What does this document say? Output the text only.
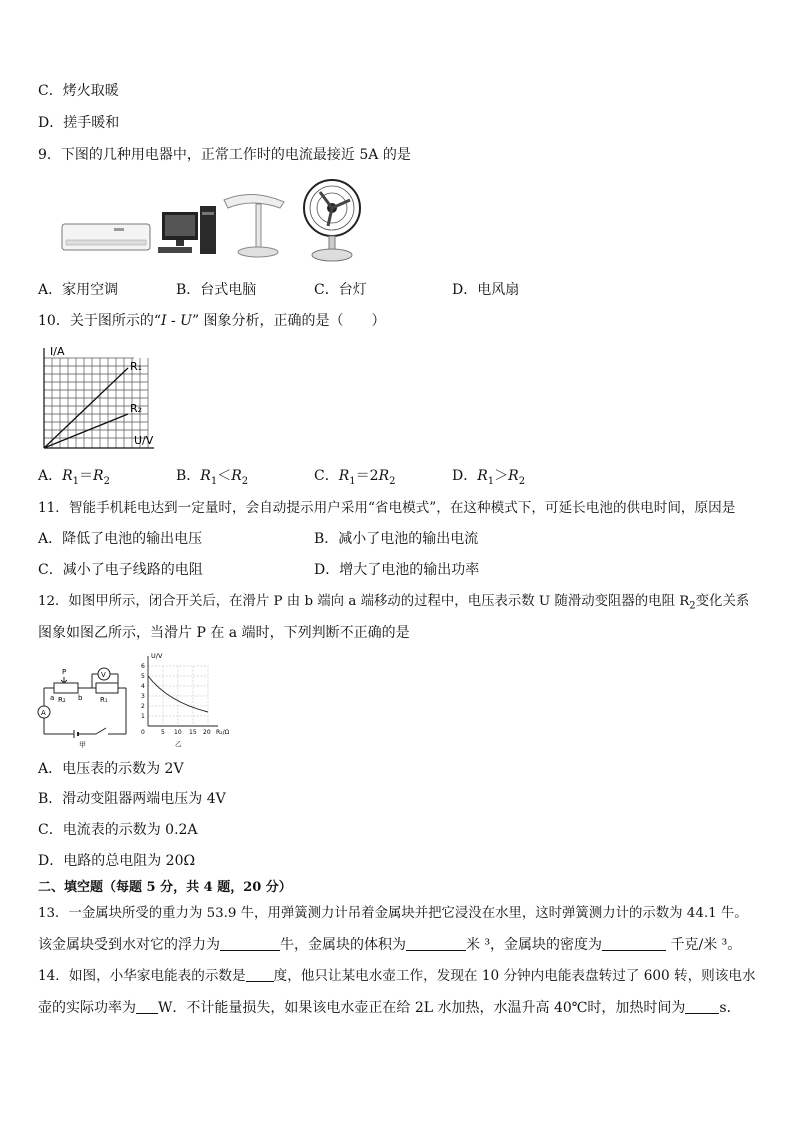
C．烤火取暖
D．搓手暖和
9．下图的几种用电器中，正常工作时的电流最接近 5A 的是
A．家用空调	B．台式电脑	C．台灯	D．电风扇
10．关于图所示的“I - U” 图象分析，正确的是（　　）
I/A
R₁
R₂
U/V
A．$R_1=R_2$	B．$R_1<R_2$	C．$R_1=2R_2$	D．$R_1>R_2$
11．智能手机耗电达到一定量时，会自动提示用户采用“省电模式”，在这种模式下，可延长电池的供电时间，原因是
A．降低了电池的输出电压	B．减小了电池的输出电流
C．减小了电子线路的电阻	D．增大了电池的输出功率
12．如图甲所示，闭合开关后，在滑片 P 由 b 端向 a 端移动的过程中，电压表示数 U 随滑动变阻器的电阻 $R_2$变化关系
图象如图乙所示，当滑片 P 在 a 端时，下列判断不正确的是
P
a	b
R₂	R₁
V
A
甲
U/V
6
5
4
3
2
1
0	5 10 15 20 R₂/Ω
乙
A．电压表的示数为 2V
B．滑动变阻器两端电压为 4V
C．电流表的示数为 0.2A
D．电路的总电阻为 20Ω
二、填空题（每题 5 分，共 4 题，20 分）
13．一金属块所受的重力为 53.9 牛，用弹簧测力计吊着金属块并把它浸没在水里，这时弹簧测力计的示数为 44.1 牛。
该金属块受到水对它的浮力为	牛，金属块的体积为	米 ³，金属块的密度为	千克/米 ³。
14．如图，小华家电能表的示数是 度，他只让某电水壶工作，发现在 10 分钟内电能表盘转过了 600 转，则该电水
壶的实际功率为 W．不计能量损失，如果该电水壶正在给 2L 水加热，水温升高 40℃时，加热时间为 s．
